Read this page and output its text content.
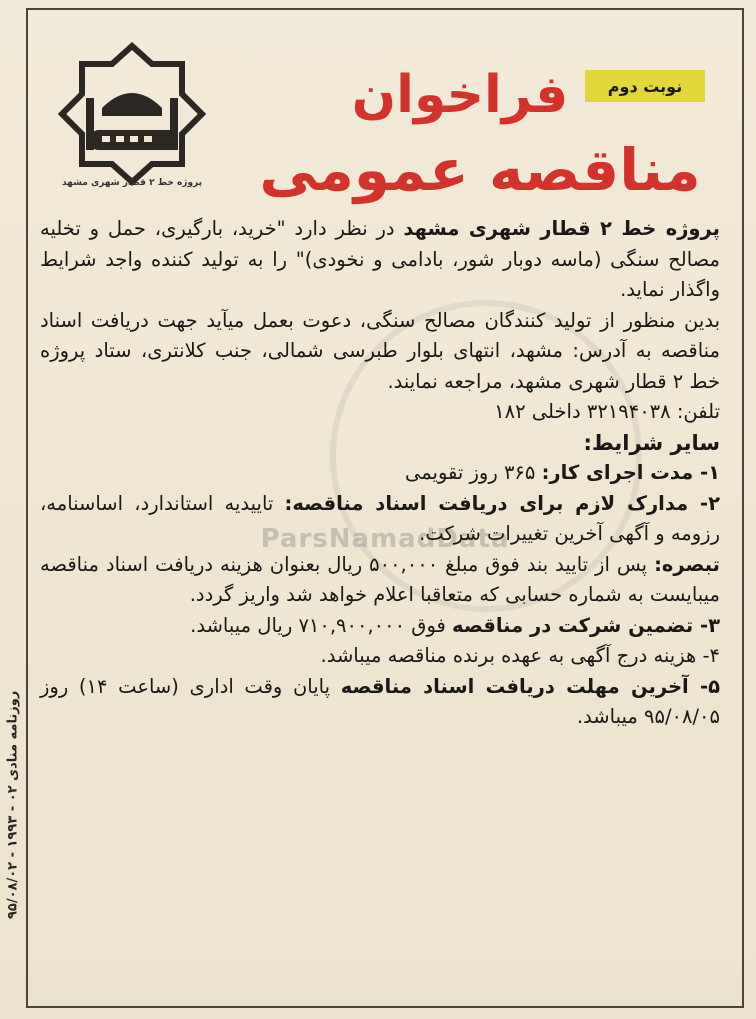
روزنامه منادی ۰۲ - ۱۹۹۳ - ۹۵/۰۸/۰۲
پروژه خط ۲ قطار شهری مشهد
نوبت دوم
فراخوان
مناقصه عمومی
ParsNamadData

پروژه خط ۲ قطار شهری مشهد در نظر دارد "خرید، بارگیری، حمل و تخلیه مصالح سنگی (ماسه دوبار شور، بادامی و نخودی)" را به تولید کننده واجد شرایط واگذار نماید.

بدین منظور از تولید کنندگان مصالح سنگی، دعوت بعمل میآید جهت دریافت اسناد مناقصه به آدرس: مشهد، انتهای بلوار طبرسی شمالی، جنب کلانتری، ستاد پروژه خط ۲ قطار شهری مشهد، مراجعه نمایند.

تلفن: ۳۲۱۹۴۰۳۸ داخلی ۱۸۲

سایر شرایط:

۱- مدت اجرای کار: ۳۶۵ روز تقویمی

۲- مدارک لازم برای دریافت اسناد مناقصه: تاییدیه استاندارد، اساسنامه، رزومه و آگهی آخرین تغییرات شرکت.

تبصره: پس از تایید بند فوق مبلغ ۵۰۰,۰۰۰ ریال بعنوان هزینه دریافت اسناد مناقصه میبایست به شماره حسابی که متعاقبا اعلام خواهد شد واریز گردد.

۳- تضمین شرکت در مناقصه فوق ۷۱۰,۹۰۰,۰۰۰ ریال میباشد.

۴- هزینه درج آگهی به عهده برنده مناقصه میباشد.

۵- آخرین مهلت دریافت اسناد مناقصه پایان وقت اداری (ساعت ۱۴) روز ۹۵/۰۸/۰۵ میباشد.
